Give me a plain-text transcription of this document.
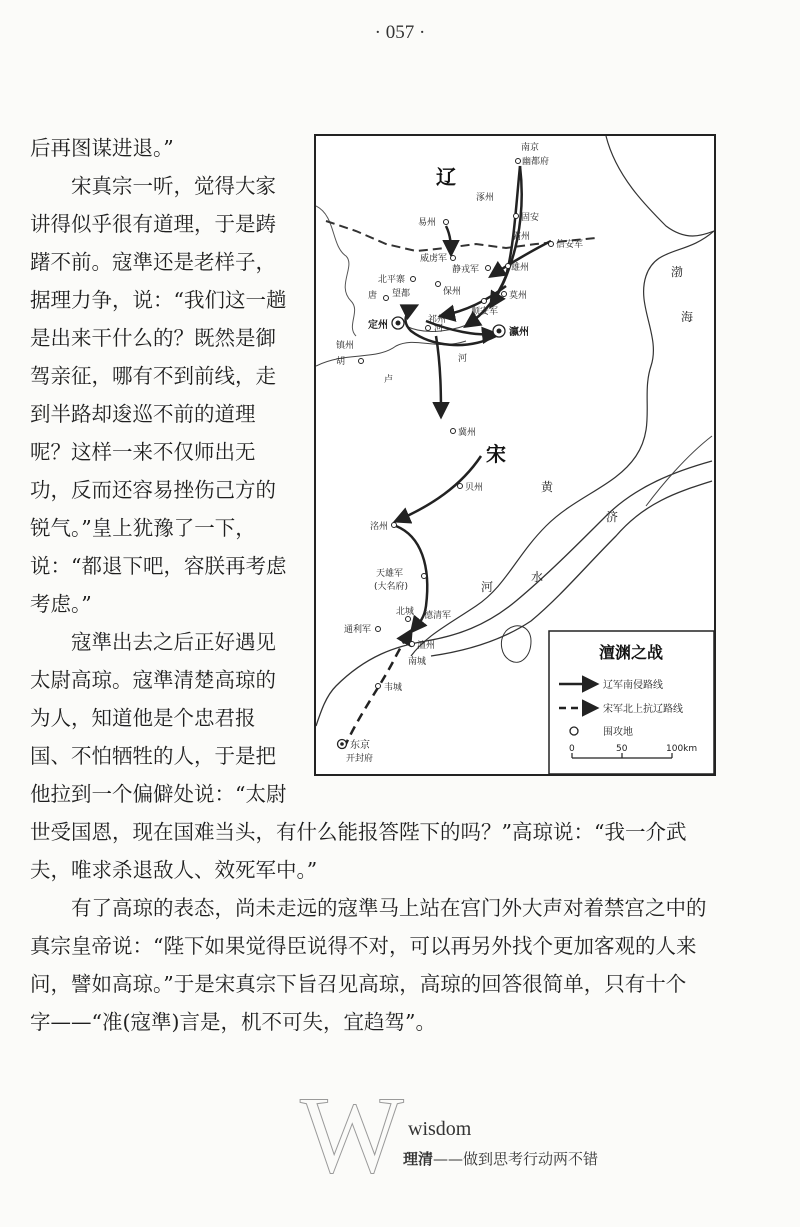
· 057 ·
后再图谋进退。”
　　宋真宗一听，觉得大家
讲得似乎很有道理，于是踌
躇不前。寇準还是老样子，
据理力争，说：“我们这一趟
是出来干什么的？既然是御
驾亲征，哪有不到前线，走
到半路却逡巡不前的道理
呢？这样一来不仅师出无
功，反而还容易挫伤己方的
锐气。”皇上犹豫了一下，
说：“都退下吧，容朕再考虑
考虑。”
　　寇準出去之后正好遇见
太尉高琼。寇準清楚高琼的
为人，知道他是个忠君报
国、不怕牺牲的人，于是把
他拉到一个偏僻处说：“太尉
世受国恩，现在国难当头，有什么能报答陛下的吗？”高琼说：“我一介武
夫，唯求杀退敌人、效死军中。”
　　有了高琼的表态，尚未走远的寇準马上站在宫门外大声对着禁宫之中的
真宗皇帝说：“陛下如果觉得臣说得不对，可以再另外找个更加客观的人来
问，譬如高琼。”于是宋真宗下旨召见高琼，高琼的回答很简单，只有十个
字——“准(寇準)言是，机不可失，宜趋驾”。
辽
宋
渤
海
胡
卢
河
河
黄
河
济
水
南京
幽都府
涿州
固安
易州
霸州
信安军
威虏军
静戎军	雄州
北平寨
保州
唐 望都	莫州
顺安军
定州	祁州
瀛州
镇州
冀州
贝州
洺州
天雄军
(大名府)
北城 德清军
通利军
澶州
南城
韦城
东京
开封府
澶渊之战
辽军南侵路线
宋军北上抗辽路线
围攻地
0	50	100km
W wisdom
理清——做到思考行动两不错
